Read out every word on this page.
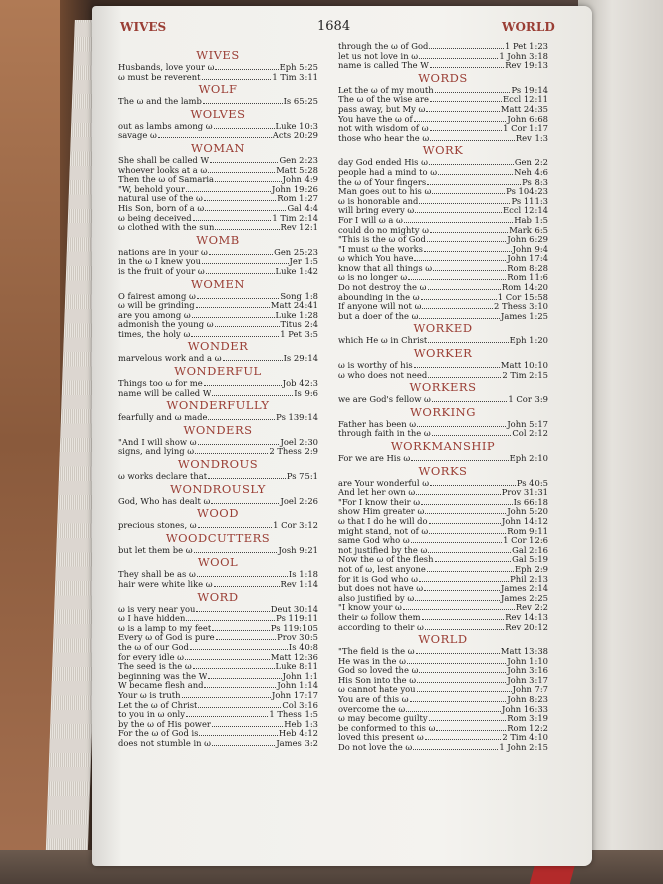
WIVES	1684	WORLD
WIVES
Husbands, love your ω	Eph 5:25
ω must be reverent	1 Tim 3:11
WOLF
The ω and the lamb	Is 65:25
WOLVES
out as lambs among ω	Luke 10:3
savage ω	Acts 20:29
WOMAN
She shall be called W	Gen 2:23
whoever looks at a ω	Matt 5:28
Then the ω of Samaria	John 4:9
"W, behold your	John 19:26
natural use of the ω	Rom 1:27
His Son, born of a ω	Gal 4:4
ω being deceived	1 Tim 2:14
ω clothed with the sun	Rev 12:1
WOMB
nations are in your ω	Gen 25:23
in the ω I knew you	Jer 1:5
is the fruit of your ω	Luke 1:42
WOMEN
O fairest among ω	Song 1:8
ω will be grinding	Matt 24:41
are you among ω	Luke 1:28
admonish the young ω	Titus 2:4
times, the holy ω	1 Pet 3:5
WONDER
marvelous work and a ω	Is 29:14
WONDERFUL
Things too ω for me	Job 42:3
name will be called W	Is 9:6
WONDERFULLY
fearfully and ω made	Ps 139:14
WONDERS
"And I will show ω	Joel 2:30
signs, and lying ω	2 Thess 2:9
WONDROUS
ω works declare that	Ps 75:1
WONDROUSLY
God, Who has dealt ω	Joel 2:26
WOOD
precious stones, ω	1 Cor 3:12
WOODCUTTERS
but let them be ω	Josh 9:21
WOOL
They shall be as ω	Is 1:18
hair were white like ω	Rev 1:14
WORD
ω is very near you	Deut 30:14
ω I have hidden	Ps 119:11
ω is a lamp to my feet	Ps 119:105
Every ω of God is pure	Prov 30:5
the ω of our God	Is 40:8
for every idle ω	Matt 12:36
The seed is the ω	Luke 8:11
beginning was the W	John 1:1
W became flesh and	John 1:14
Your ω is truth	John 17:17
Let the ω of Christ	Col 3:16
to you in ω only	1 Thess 1:5
by the ω of His power	Heb 1:3
For the ω of God is	Heb 4:12
does not stumble in ω	James 3:2
through the ω of God	1 Pet 1:23
let us not love in ω	1 John 3:18
name is called The W	Rev 19:13
WORDS
Let the ω of my mouth	Ps 19:14
The ω of the wise are	Eccl 12:11
pass away, but My ω	Matt 24:35
You have the ω of	John 6:68
not with wisdom of ω	1 Cor 1:17
those who hear the ω	Rev 1:3
WORK
day God ended His ω	Gen 2:2
people had a mind to ω	Neh 4:6
the ω of Your fingers	Ps 8:3
Man goes out to his ω	Ps 104:23
ω is honorable and	Ps 111:3
will bring every ω	Eccl 12:14
For I will ω a ω	Hab 1:5
could do no mighty ω	Mark 6:5
"This is the ω of God	John 6:29
"I must ω the works	John 9:4
ω which You have	John 17:4
know that all things ω	Rom 8:28
ω is no longer ω	Rom 11:6
Do not destroy the ω	Rom 14:20
abounding in the ω	1 Cor 15:58
If anyone will not ω	2 Thess 3:10
but a doer of the ω	James 1:25
WORKED
which He ω in Christ	Eph 1:20
WORKER
ω is worthy of his	Matt 10:10
ω who does not need	2 Tim 2:15
WORKERS
we are God's fellow ω	1 Cor 3:9
WORKING
Father has been ω	John 5:17
through faith in the ω	Col 2:12
WORKMANSHIP
For we are His ω	Eph 2:10
WORKS
are Your wonderful ω	Ps 40:5
And let her own ω	Prov 31:31
"For I know their ω	Is 66:18
show Him greater ω	John 5:20
ω that I do he will do	John 14:12
might stand, not of ω	Rom 9:11
same God who ω	1 Cor 12:6
not justified by the ω	Gal 2:16
Now the ω of the flesh	Gal 5:19
not of ω, lest anyone	Eph 2:9
for it is God who ω	Phil 2:13
but does not have ω	James 2:14
also justified by ω	James 2:25
"I know your ω	Rev 2:2
their ω follow them	Rev 14:13
according to their ω	Rev 20:12
WORLD
"The field is the ω	Matt 13:38
He was in the ω	John 1:10
God so loved the ω	John 3:16
His Son into the ω	John 3:17
ω cannot hate you	John 7:7
You are of this ω	John 8:23
overcome the ω	John 16:33
ω may become guilty	Rom 3:19
be conformed to this ω	Rom 12:2
loved this present ω	2 Tim 4:10
Do not love the ω	1 John 2:15
